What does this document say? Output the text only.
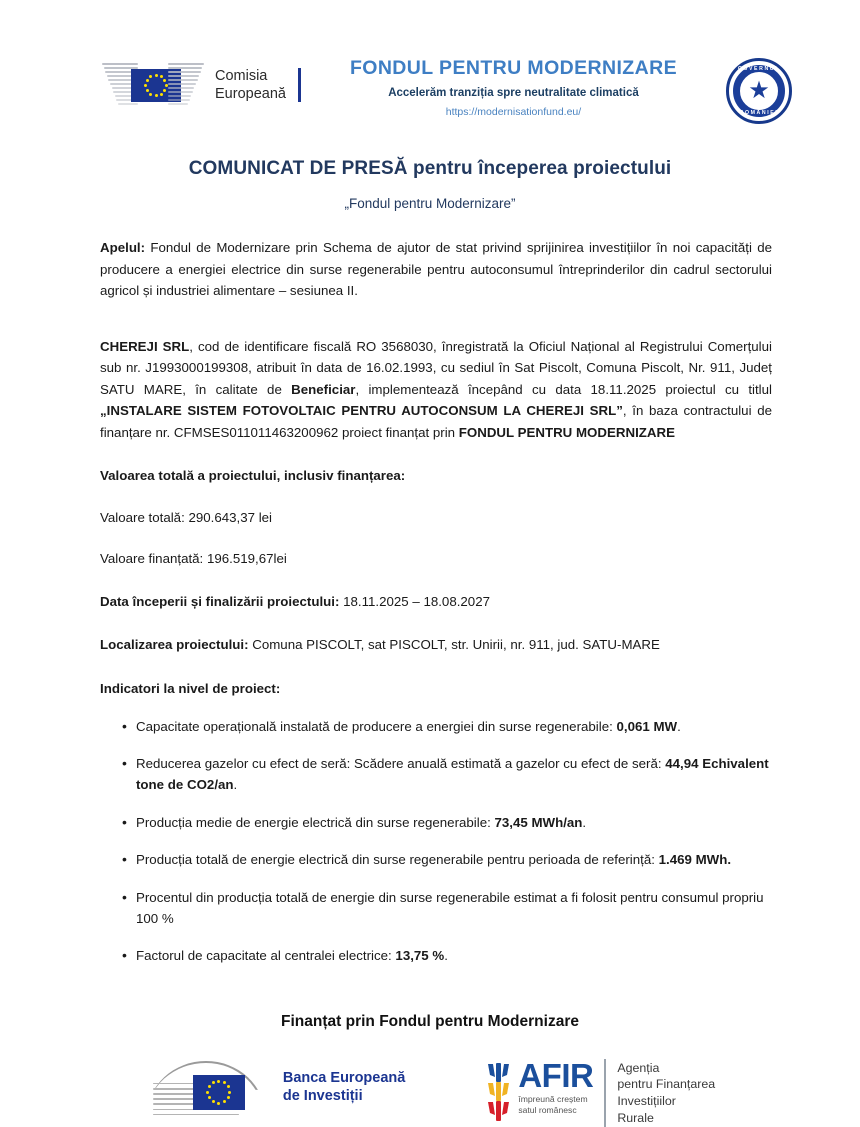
Comisia
Europeană
FONDUL PENTRU MODERNIZARE
Accelerăm tranziția spre neutralitate climatică
https://modernisationfund.eu/
GUVERNUL
ROMÂNIEI
★
COMUNICAT DE PRESĂ pentru începerea proiectului
„Fondul pentru Modernizare”

Apelul: Fondul de Modernizare prin Schema de ajutor de stat privind sprijinirea investițiilor în noi capacități de producere a energiei electrice din surse regenerabile pentru autoconsumul întreprinderilor din cadrul sectorului agricol și industriei alimentare – sesiunea II.

CHEREJI SRL, cod de identificare fiscală RO 3568030, înregistrată la Oficiul Național al Registrului Comerțului sub nr. J1993000199308, atribuit în data de 16.02.1993, cu sediul în Sat Piscolt, Comuna Piscolt, Nr. 911, Județ SATU MARE, în calitate de Beneficiar, implementează începând cu data 18.11.2025 proiectul cu titlul „INSTALARE SISTEM FOTOVOLTAIC PENTRU AUTOCONSUM LA CHEREJI SRL”, în baza contractului de finanțare nr. CFMSES011011463200962 proiect finanțat prin FONDUL PENTRU MODERNIZARE

Valoarea totală a proiectului, inclusiv finanțarea:

Valoare totală: 290.643,37 lei

Valoare finanțată: 196.519,67lei

Data începerii și finalizării proiectului: 18.11.2025 – 18.08.2027

Localizarea proiectului: Comuna PISCOLT, sat PISCOLT, str. Unirii, nr. 911, jud. SATU-MARE

Indicatori la nivel de proiect:

• Capacitate operațională instalată de producere a energiei din surse regenerabile: 0,061 MW.
• Reducerea gazelor cu efect de seră: Scădere anuală estimată a gazelor cu efect de seră: 44,94 Echivalent tone de CO2/an.
• Producția medie de energie electrică din surse regenerabile: 73,45 MWh/an.
• Producția totală de energie electrică din surse regenerabile pentru perioada de referință: 1.469 MWh.
• Procentul din producția totală de energie din surse regenerabile estimat a fi folosit pentru consumul propriu 100 %
• Factorul de capacitate al centralei electrice: 13,75 %.
Finanțat prin Fondul pentru Modernizare
Banca Europeană
de Investiții
AFIR
împreună creștem
satul românesc
Agenția
pentru Finanțarea
Investițiilor
Rurale
